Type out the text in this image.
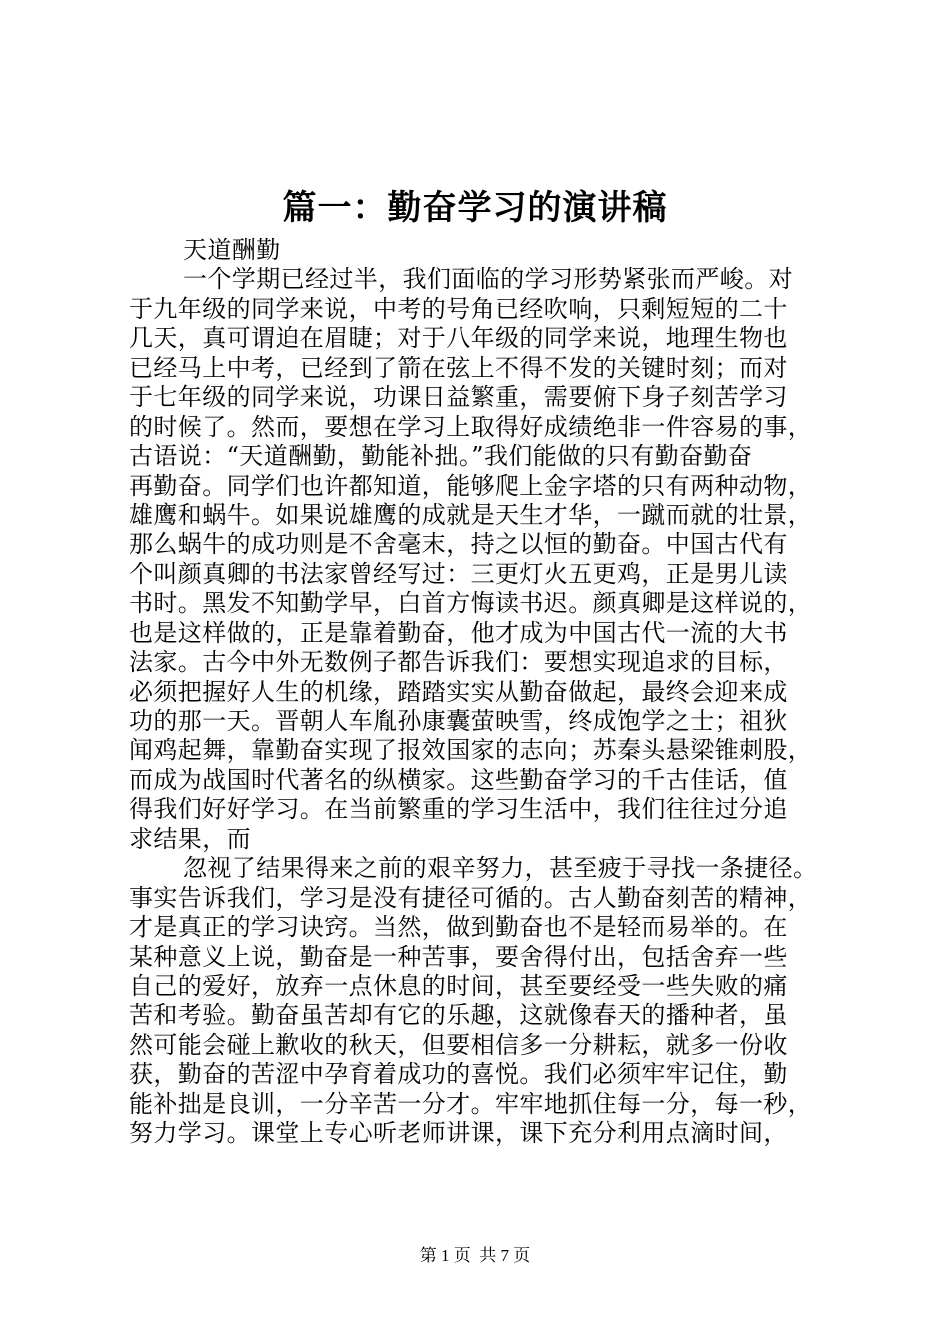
篇一：勤奋学习的演讲稿
天道酬勤
一个学期已经过半，我们面临的学习形势紧张而严峻。对
于九年级的同学来说，中考的号角已经吹响，只剩短短的二十
几天，真可谓迫在眉睫；对于八年级的同学来说，地理生物也
已经马上中考，已经到了箭在弦上不得不发的关键时刻；而对
于七年级的同学来说，功课日益繁重，需要俯下身子刻苦学习
的时候了。然而，要想在学习上取得好成绩绝非一件容易的事，
古语说：“天道酬勤，勤能补拙。”我们能做的只有勤奋勤奋
再勤奋。同学们也许都知道，能够爬上金字塔的只有两种动物，
雄鹰和蜗牛。如果说雄鹰的成就是天生才华，一蹴而就的壮景，
那么蜗牛的成功则是不舍毫末，持之以恒的勤奋。中国古代有
个叫颜真卿的书法家曾经写过：三更灯火五更鸡，正是男儿读
书时。黑发不知勤学早，白首方悔读书迟。颜真卿是这样说的，
也是这样做的，正是靠着勤奋，他才成为中国古代一流的大书
法家。古今中外无数例子都告诉我们：要想实现追求的目标，
必须把握好人生的机缘，踏踏实实从勤奋做起，最终会迎来成
功的那一天。晋朝人车胤孙康囊萤映雪，终成饱学之士；祖狄
闻鸡起舞，靠勤奋实现了报效国家的志向；苏秦头悬梁锥刺股，
而成为战国时代著名的纵横家。这些勤奋学习的千古佳话，值
得我们好好学习。在当前繁重的学习生活中，我们往往过分追
求结果，而
忽视了结果得来之前的艰辛努力，甚至疲于寻找一条捷径。
事实告诉我们，学习是没有捷径可循的。古人勤奋刻苦的精神，
才是真正的学习诀窍。当然，做到勤奋也不是轻而易举的。在
某种意义上说，勤奋是一种苦事，要舍得付出，包括舍弃一些
自己的爱好，放弃一点休息的时间，甚至要经受一些失败的痛
苦和考验。勤奋虽苦却有它的乐趣，这就像春天的播种者，虽
然可能会碰上歉收的秋天，但要相信多一分耕耘，就多一份收
获，勤奋的苦涩中孕育着成功的喜悦。我们必须牢牢记住，勤
能补拙是良训，一分辛苦一分才。牢牢地抓住每一分，每一秒，
努力学习。课堂上专心听老师讲课，课下充分利用点滴时间，
第 1 页  共 7 页
